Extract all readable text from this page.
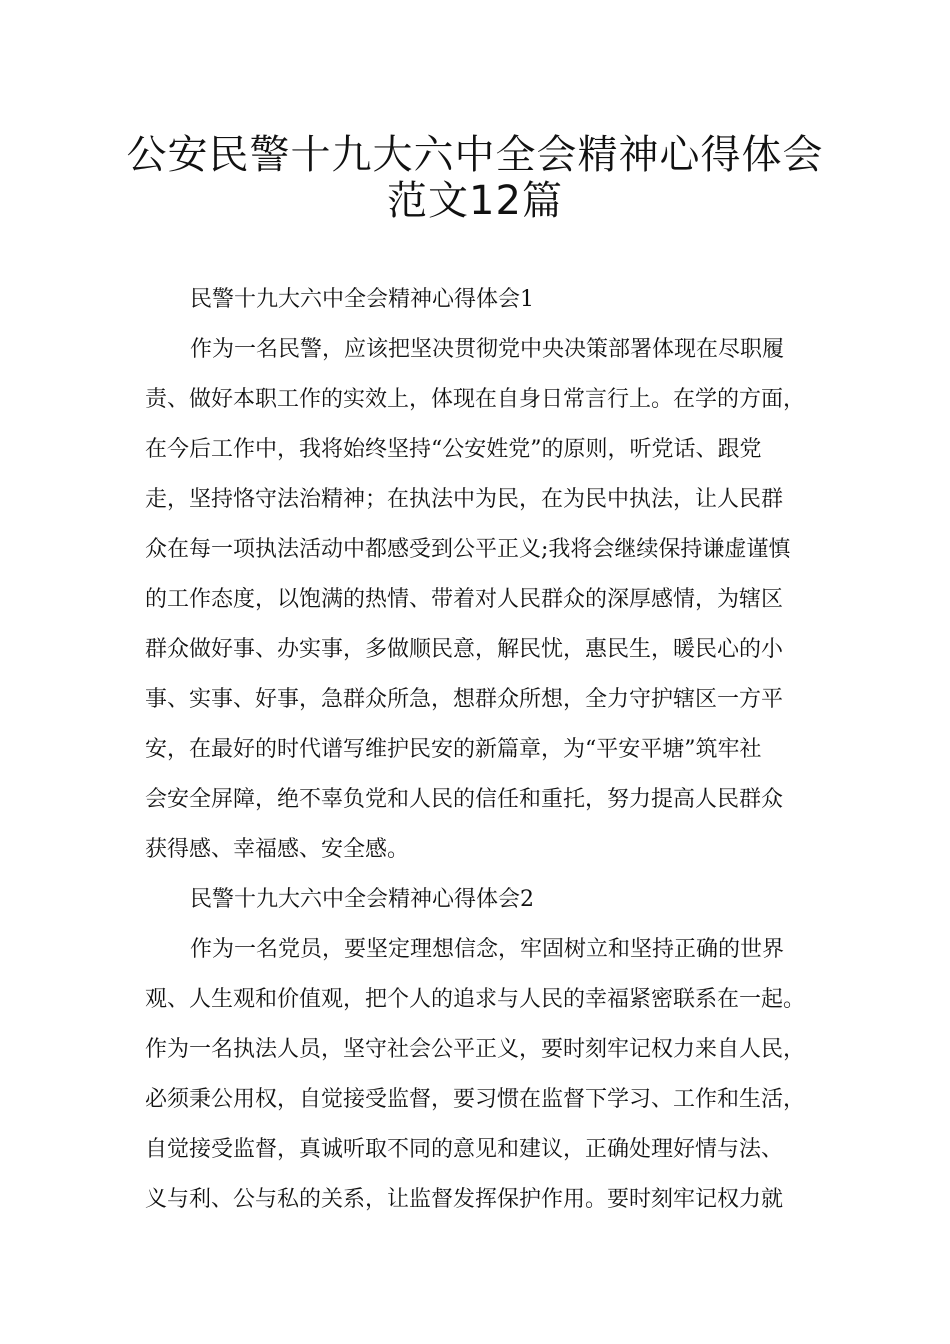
公安民警十九大六中全会精神心得体会
范文12篇

民警十九大六中全会精神心得体会1

作为一名民警，应该把坚决贯彻党中央决策部署体现在尽职履

责、做好本职工作的实效上，体现在自身日常言行上。在学的方面，

在今后工作中，我将始终坚持“公安姓党”的原则，听党话、跟党

走，坚持恪守法治精神；在执法中为民，在为民中执法，让人民群

众在每一项执法活动中都感受到公平正义;我将会继续保持谦虚谨慎

的工作态度，以饱满的热情、带着对人民群众的深厚感情，为辖区

群众做好事、办实事，多做顺民意，解民忧，惠民生，暖民心的小

事、实事、好事，急群众所急，想群众所想，全力守护辖区一方平

安，在最好的时代谱写维护民安的新篇章，为“平安平塘”筑牢社

会安全屏障，绝不辜负党和人民的信任和重托，努力提高人民群众

获得感、幸福感、安全感。

民警十九大六中全会精神心得体会2

作为一名党员，要坚定理想信念，牢固树立和坚持正确的世界

观、人生观和价值观，把个人的追求与人民的幸福紧密联系在一起。

作为一名执法人员，坚守社会公平正义，要时刻牢记权力来自人民，

必须秉公用权，自觉接受监督，要习惯在监督下学习、工作和生活，

自觉接受监督，真诚听取不同的意见和建议，正确处理好情与法、

义与利、公与私的关系，让监督发挥保护作用。要时刻牢记权力就
